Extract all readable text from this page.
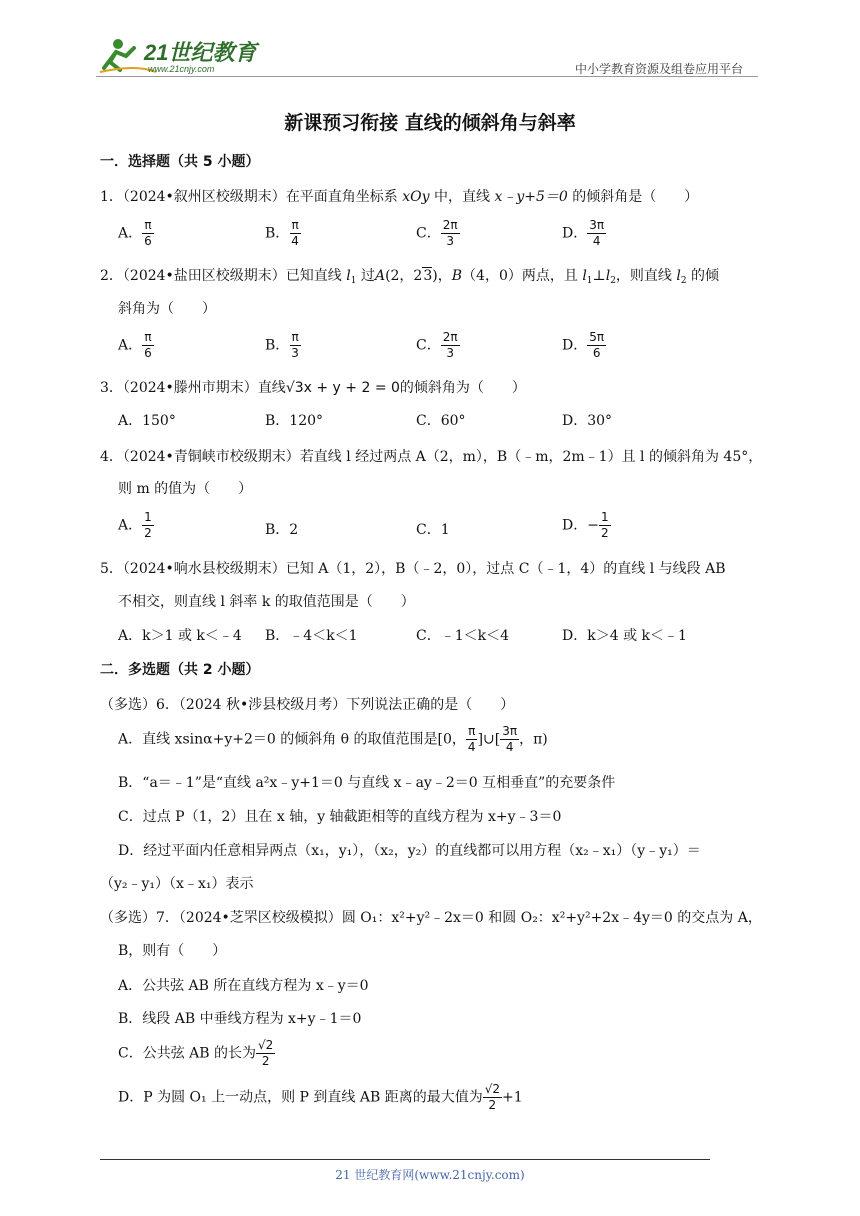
21世纪教育
www.21cnjy.com	中小学教育资源及组卷应用平台
新课预习衔接 直线的倾斜角与斜率
一．选择题（共 5 小题）
1．（2024•叙州区校级期末）在平面直角坐标系 xOy 中，直线 x﹣y+5＝0 的倾斜角是（　　）
A． $\frac{\pi}{6}$	B． $\frac{\pi}{4}$	C． $\frac{2\pi}{3}$	D． $\frac{3\pi}{4}$
2．（2024•盐田区校级期末）已知直线 $l_1$ 过A(2，23)，B（4，0）两点，且 $l_1\perp l_2$，则直线 $l_2$ 的倾
斜角为（　　）
A． $\frac{\pi}{6}$	B． $\frac{\pi}{3}$	C． $\frac{2\pi}{3}$	D． $\frac{5\pi}{6}$
3．（2024•滕州市期末）直线√3x + y + 2 = 0的倾斜角为（　　）
A．150°	B．120°	C．60°	D．30°
4．（2024•青铜峡市校级期末）若直线 l 经过两点 A（2，m），B（﹣m，2m﹣1）且 l 的倾斜角为 45°，
则 m 的值为（　　）
A． $\frac{1}{2}$	B．2	C．1	D．− $\frac{1}{2}$
5．（2024•响水县校级期末）已知 A（1，2），B（﹣2，0），过点 C（﹣1，4）的直线 l 与线段 AB
不相交，则直线 l 斜率 k 的取值范围是（　　）
A．k＞1 或 k＜﹣4 B．﹣4＜k＜1	C．﹣1＜k＜4	D．k＞4 或 k＜﹣1
二．多选题（共 2 小题）
（多选）6．（2024 秋•涉县校级月考）下列说法正确的是（　　）
A．直线 xsinα+y+2＝0 的倾斜角 θ 的取值范围是[0， $\frac{\pi}{4}$ ]∪[ $\frac{3\pi}{4}$ ，π)
B．“a＝﹣1”是“直线 a²x﹣y+1＝0 与直线 x﹣ay﹣2＝0 互相垂直”的充要条件
C．过点 P（1，2）且在 x 轴，y 轴截距相等的直线方程为 x+y﹣3＝0
D．经过平面内任意相异两点（x₁，y₁），（x₂，y₂）的直线都可以用方程（x₂﹣x₁）（y﹣y₁）＝
（y₂﹣y₁）（x﹣x₁）表示
（多选）7．（2024•芝罘区校级模拟）圆 O₁：x²+y²﹣2x＝0 和圆 O₂：x²+y²+2x﹣4y＝0 的交点为 A，
B，则有（　　）
A．公共弦 AB 所在直线方程为 x﹣y＝0
B．线段 AB 中垂线方程为 x+y﹣1＝0
C．公共弦 AB 的长为 $\frac{√2}{2}$
D．P 为圆 O₁ 上一动点，则 P 到直线 AB 距离的最大值为 $\frac{√2}{2} +1$
21 世纪教育网(www.21cnjy.com)
